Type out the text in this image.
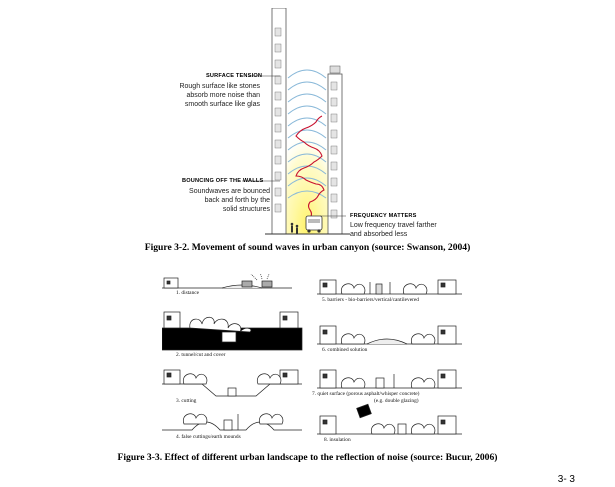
SURFACE TENSION
Rough surface like stones
absorb more noise than
smooth surface like glas
BOUNCING OFF THE WALLS
Soundwaves are bounced
back and forth by the
solid structures
FREQUENCY MATTERS
Low frequency travel farther
and absorbed less
Figure 3-2. Movement of sound waves in urban canyon (source: Swanson, 2004)
1. distance
5. barriers - bio-barriers/vertical/cantilevered
2. tunnel/cut and cover
6. combined solution
3. cutting
7. quiet surface (porous asphalt/whisper concrete)
(e.g. double glazing)
4. false cuttings/earth mounds	8. insulation
Figure 3-3. Effect of different urban landscape to the reflection of noise (source: Bucur, 2006)
3- 3
